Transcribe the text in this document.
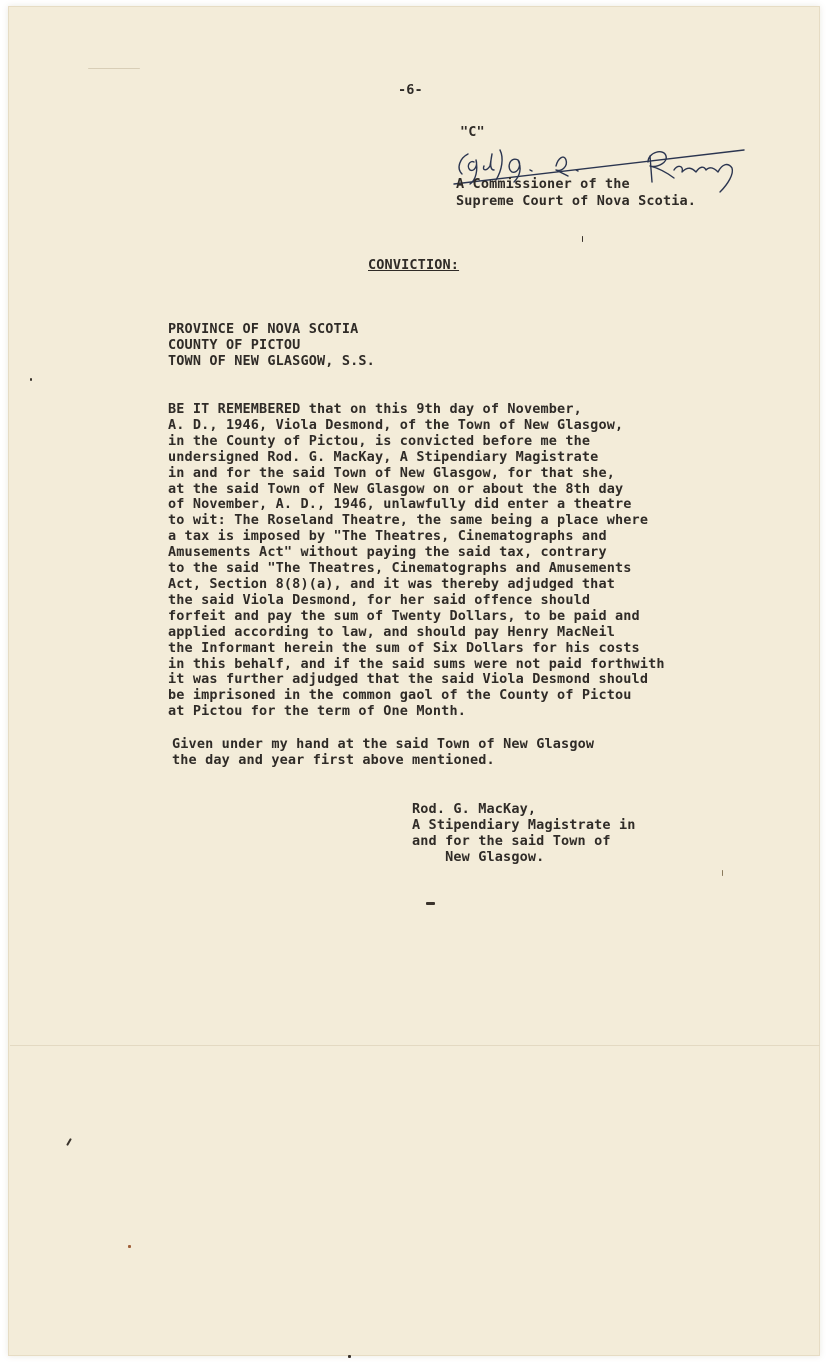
-6-
"C"
A Commissioner of the
Supreme Court of Nova Scotia.
CONVICTION:
PROVINCE OF NOVA SCOTIA
COUNTY OF PICTOU
TOWN OF NEW GLASGOW, S.S.
BE IT REMEMBERED that on this 9th day of November,
A. D., 1946, Viola Desmond, of the Town of New Glasgow,
in the County of Pictou, is convicted before me the
undersigned Rod. G. MacKay, A Stipendiary Magistrate
in and for the said Town of New Glasgow, for that she,
at the said Town of New Glasgow on or about the 8th day
of November, A. D., 1946, unlawfully did enter a theatre
to wit: The Roseland Theatre, the same being a place where
a tax is imposed by "The Theatres, Cinematographs and
Amusements Act" without paying the said tax, contrary
to the said "The Theatres, Cinematographs and Amusements
Act, Section 8(8)(a), and it was thereby adjudged that
the said Viola Desmond, for her said offence should
forfeit and pay the sum of Twenty Dollars, to be paid and
applied according to law, and should pay Henry MacNeil
the Informant herein the sum of Six Dollars for his costs
in this behalf, and if the said sums were not paid forthwith
it was further adjudged that the said Viola Desmond should
be imprisoned in the common gaol of the County of Pictou
at Pictou for the term of One Month.
Given under my hand at the said Town of New Glasgow
the day and year first above mentioned.
Rod. G. MacKay,
A Stipendiary Magistrate in
and for the said Town of
New Glasgow.
